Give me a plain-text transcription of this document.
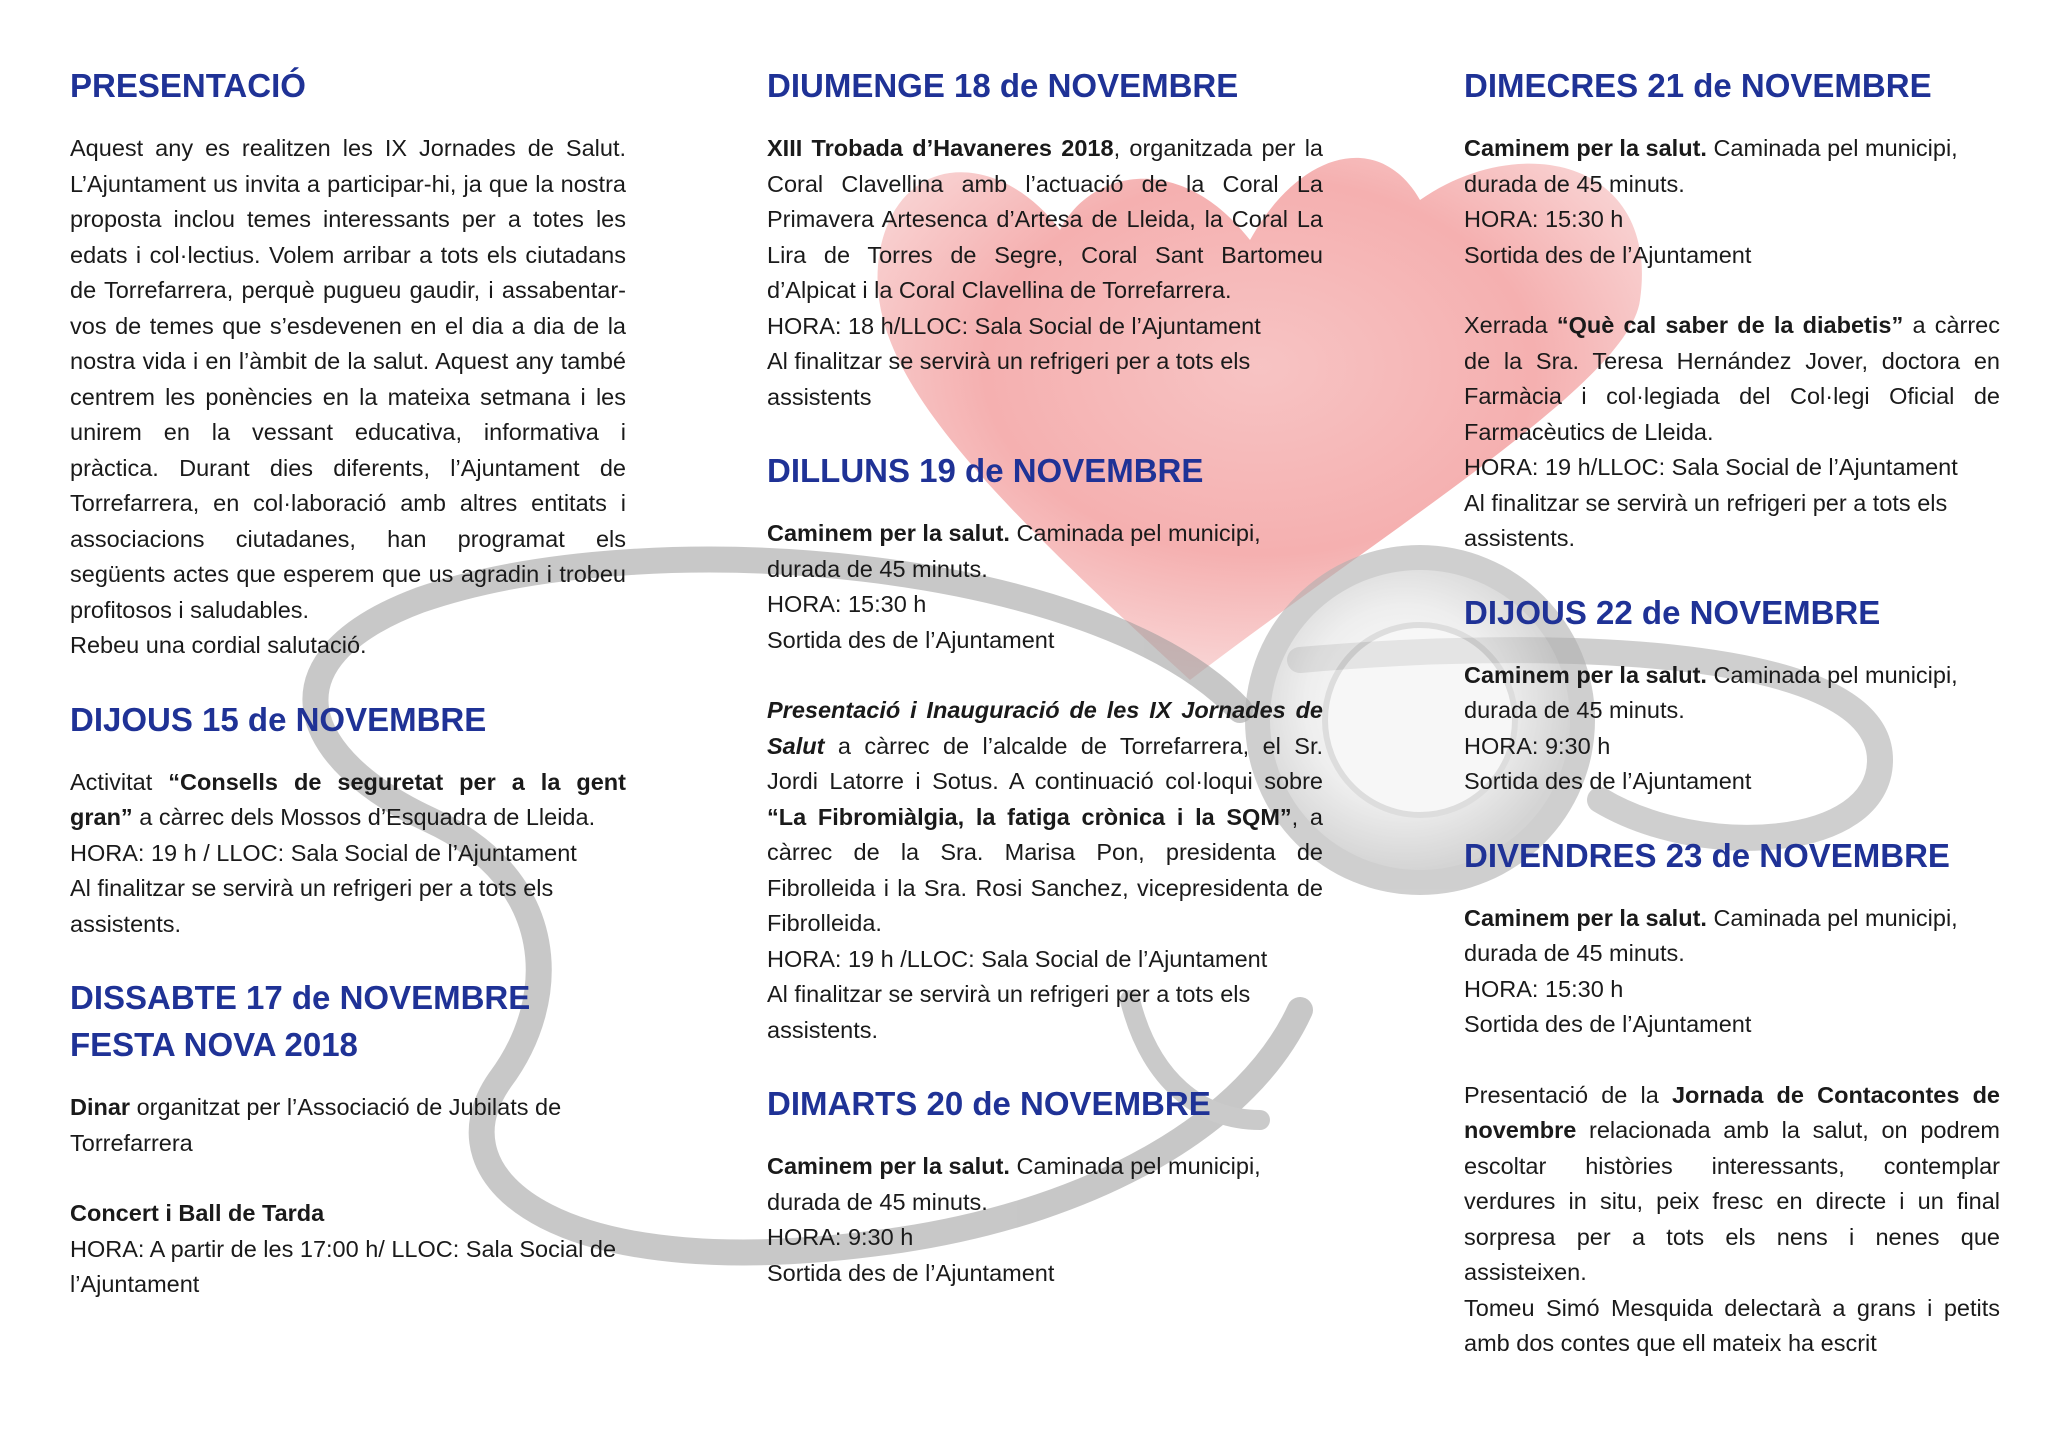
PRESENTACIÓ

Aquest any es realitzen les IX Jornades de Salut. L’Ajuntament us invita a participar-hi, ja que la nostra proposta inclou temes interessants per a totes les edats i col·lectius. Volem arribar a tots els ciutadans de Torrefarrera, perquè pugueu gaudir, i assabentar-vos de temes que s’esdevenen en el dia a dia de la nostra vida i en l’àmbit de la salut. Aquest any també centrem les ponències en la mateixa setmana i les unirem en la vessant educativa, informativa i pràctica. Durant dies diferents, l’Ajuntament de Torrefarrera, en col·laboració amb altres entitats i associacions ciutadanes, han programat els següents actes que esperem que us agradin i trobeu profitosos i saludables.

Rebeu una cordial salutació.

DIJOUS 15 de NOVEMBRE

Activitat “Consells de seguretat per a la gent gran” a càrrec dels Mossos d’Esquadra de Lleida.

HORA: 19 h / LLOC: Sala Social de l’Ajuntament

Al finalitzar se servirà un refrigeri per a tots els assistents.

DISSABTE 17 de NOVEMBRE
FESTA NOVA 2018

Dinar organitzat per l’Associació de Jubilats de Torrefarrera

Concert i Ball de Tarda

HORA: A partir de les 17:00 h/ LLOC: Sala Social de l’Ajuntament

DIUMENGE 18 de NOVEMBRE

XIII Trobada d’Havaneres 2018, organitzada per la Coral Clavellina amb l’actuació de la Coral La Primavera Artesenca d’Artesa de Lleida, la Coral La Lira de Torres de Segre, Coral Sant Bartomeu d’Alpicat i la Coral Clavellina de Torrefarrera.

HORA: 18 h/LLOC: Sala Social de l’Ajuntament

Al finalitzar se servirà un refrigeri per a tots els assistents

DILLUNS 19 de NOVEMBRE

Caminem per la salut. Caminada pel municipi, durada de 45 minuts.

HORA: 15:30 h

Sortida des de l’Ajuntament

Presentació i Inauguració de les IX Jornades de Salut a càrrec de l’alcalde de Torrefarrera, el Sr. Jordi Latorre i Sotus. A continuació col·loqui sobre “La Fibromiàlgia, la fatiga crònica i la SQM”, a càrrec de la Sra. Marisa Pon, presidenta de Fibrolleida i la Sra. Rosi Sanchez, vicepresidenta de Fibrolleida.

HORA: 19 h /LLOC: Sala Social de l’Ajuntament

Al finalitzar se servirà un refrigeri per a tots els assistents.

DIMARTS 20 de NOVEMBRE

Caminem per la salut. Caminada pel municipi, durada de 45 minuts.

HORA: 9:30 h

Sortida des de l’Ajuntament

DIMECRES 21 de NOVEMBRE

Caminem per la salut. Caminada pel municipi, durada de 45 minuts.

HORA: 15:30 h

Sortida des de l’Ajuntament

Xerrada “Què cal saber de la diabetis” a càrrec de la Sra. Teresa Hernández Jover, doctora en Farmàcia i col·legiada del Col·legi Oficial de Farmacèutics de Lleida.

HORA: 19 h/LLOC: Sala Social de l’Ajuntament

Al finalitzar se servirà un refrigeri per a tots els assistents.

DIJOUS 22 de NOVEMBRE

Caminem per la salut. Caminada pel municipi, durada de 45 minuts.

HORA: 9:30 h

Sortida des de l’Ajuntament

DIVENDRES 23 de NOVEMBRE

Caminem per la salut. Caminada pel municipi, durada de 45 minuts.

HORA: 15:30 h

Sortida des de l’Ajuntament

Presentació de la Jornada de Contacontes de novembre relacionada amb la salut, on podrem escoltar històries interessants, contemplar verdures in situ, peix fresc en directe i un final sorpresa per a tots els nens i nenes que assisteixen.

Tomeu Simó Mesquida delectarà a grans i petits amb dos contes que ell mateix ha escrit
